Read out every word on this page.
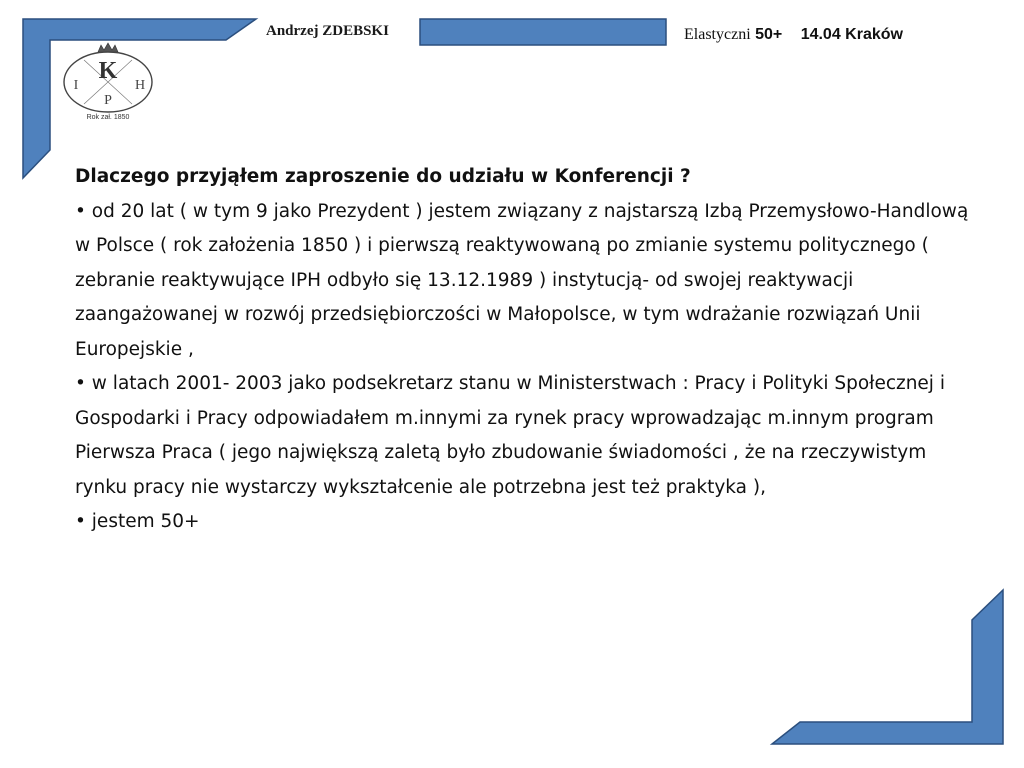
Andrzej ZDEBSKI	Elastyczni 50+ 14.04 Kraków
K
I
P
H
Rok zał. 1850

Dlaczego przyjąłem zaproszenie do udziału w Konferencji ?

• od 20 lat ( w tym 9 jako Prezydent ) jestem związany z najstarszą Izbą Przemysłowo-Handlową w Polsce ( rok założenia 1850 ) i pierwszą reaktywowaną po zmianie systemu politycznego ( zebranie reaktywujące IPH odbyło się 13.12.1989 ) instytucją- od swojej reaktywacji zaangażowanej w rozwój przedsiębiorczości w Małopolsce, w tym wdrażanie rozwiązań Unii Europejskie ,

• w latach 2001- 2003 jako podsekretarz stanu w Ministerstwach : Pracy i Polityki Społecznej i Gospodarki i Pracy odpowiadałem m.innymi za rynek pracy wprowadzając m.innym program Pierwsza Praca ( jego największą zaletą było zbudowanie świadomości , że na rzeczywistym rynku pracy nie wystarczy wykształcenie ale potrzebna jest też praktyka ),

• jestem 50+
